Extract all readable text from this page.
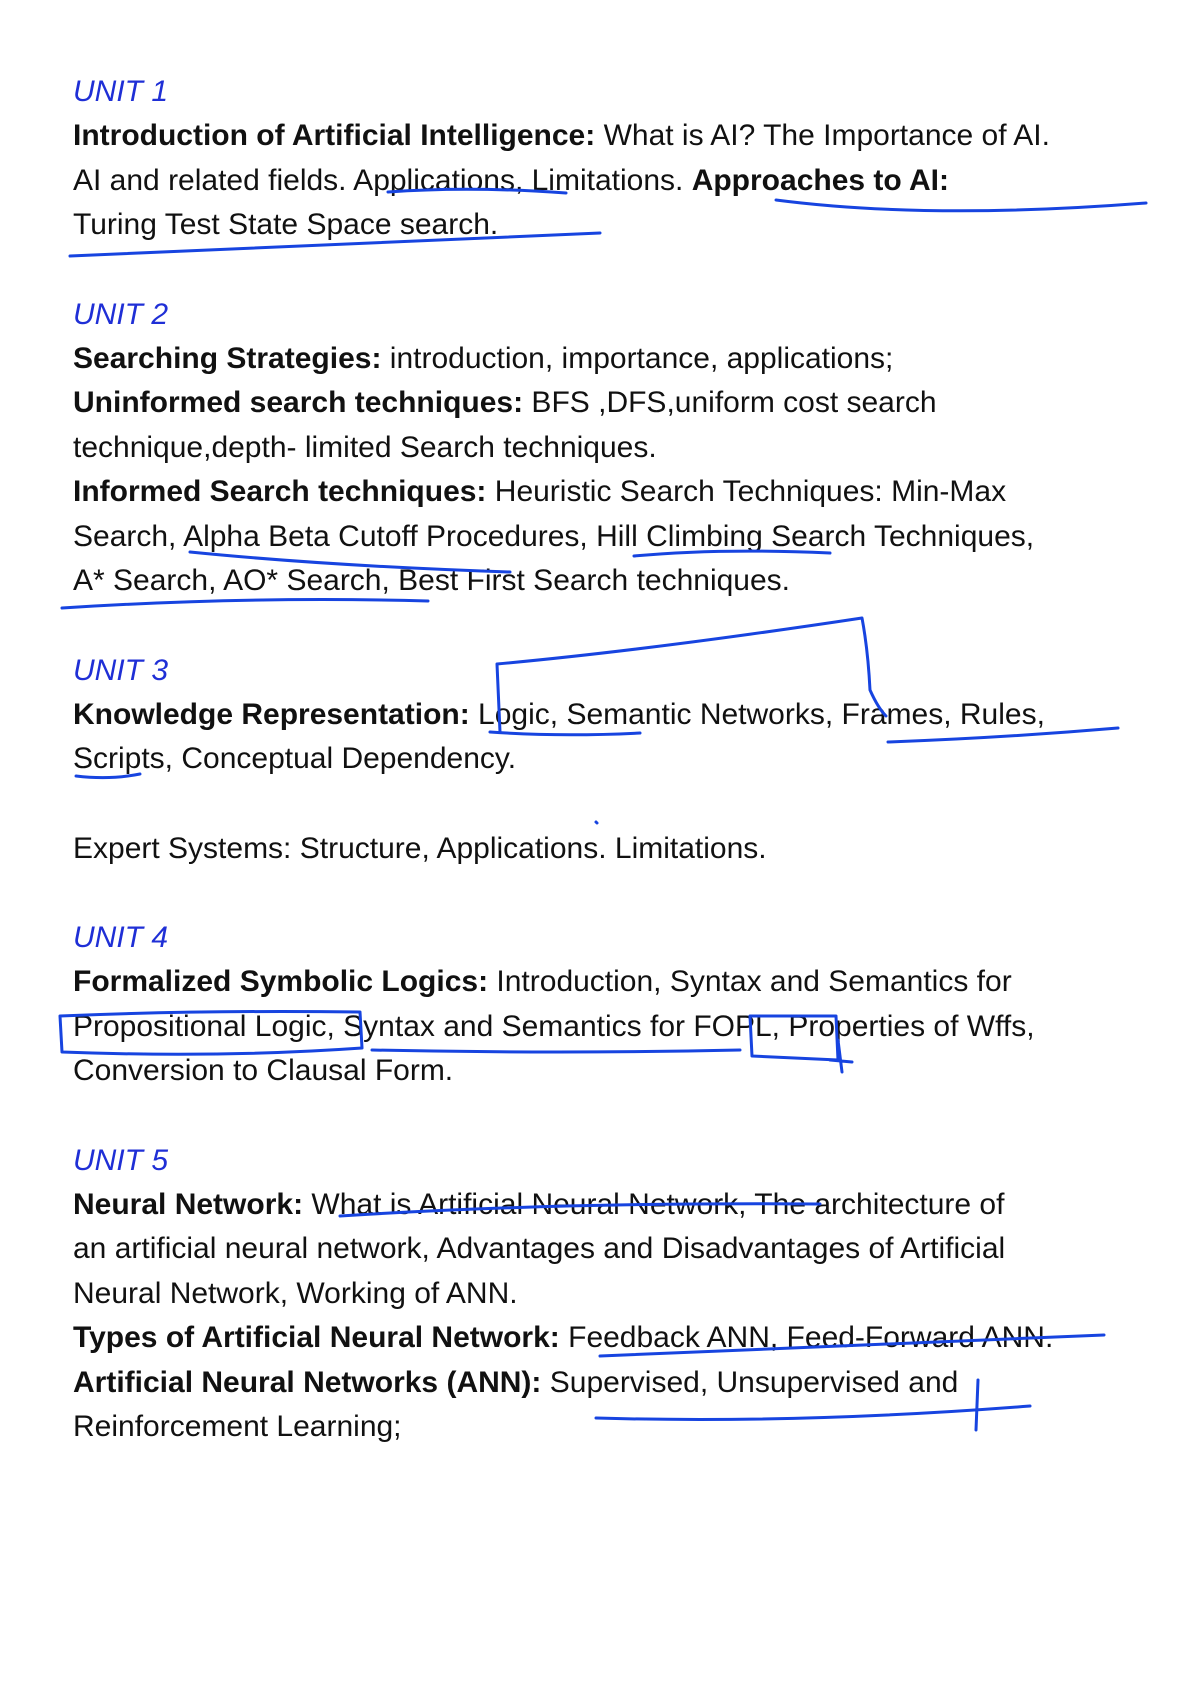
UNIT 1

Introduction of Artificial Intelligence: What is AI? The Importance of AI.

AI and related fields. Applications, Limitations. Approaches to AI:

Turing Test State Space search.

UNIT 2

Searching Strategies: introduction, importance, applications;

Uninformed search techniques: BFS ,DFS,uniform cost search

technique,depth- limited Search techniques.

Informed Search techniques: Heuristic Search Techniques: Min-Max

Search, Alpha Beta Cutoff Procedures, Hill Climbing Search Techniques,

A* Search, AO* Search, Best First Search techniques.

UNIT 3

Knowledge Representation: Logic, Semantic Networks, Frames, Rules,

Scripts, Conceptual Dependency.

Expert Systems: Structure, Applications. Limitations.

UNIT 4

Formalized Symbolic Logics: Introduction, Syntax and Semantics for

Propositional Logic, Syntax and Semantics for FOPL, Properties of Wffs,

Conversion to Clausal Form.

UNIT 5

Neural Network: What is Artificial Neural Network, The architecture of

an artificial neural network, Advantages and Disadvantages of Artificial

Neural Network, Working of ANN.

Types of Artificial Neural Network: Feedback ANN, Feed-Forward ANN.

Artificial Neural Networks (ANN): Supervised, Unsupervised and

Reinforcement Learning;
